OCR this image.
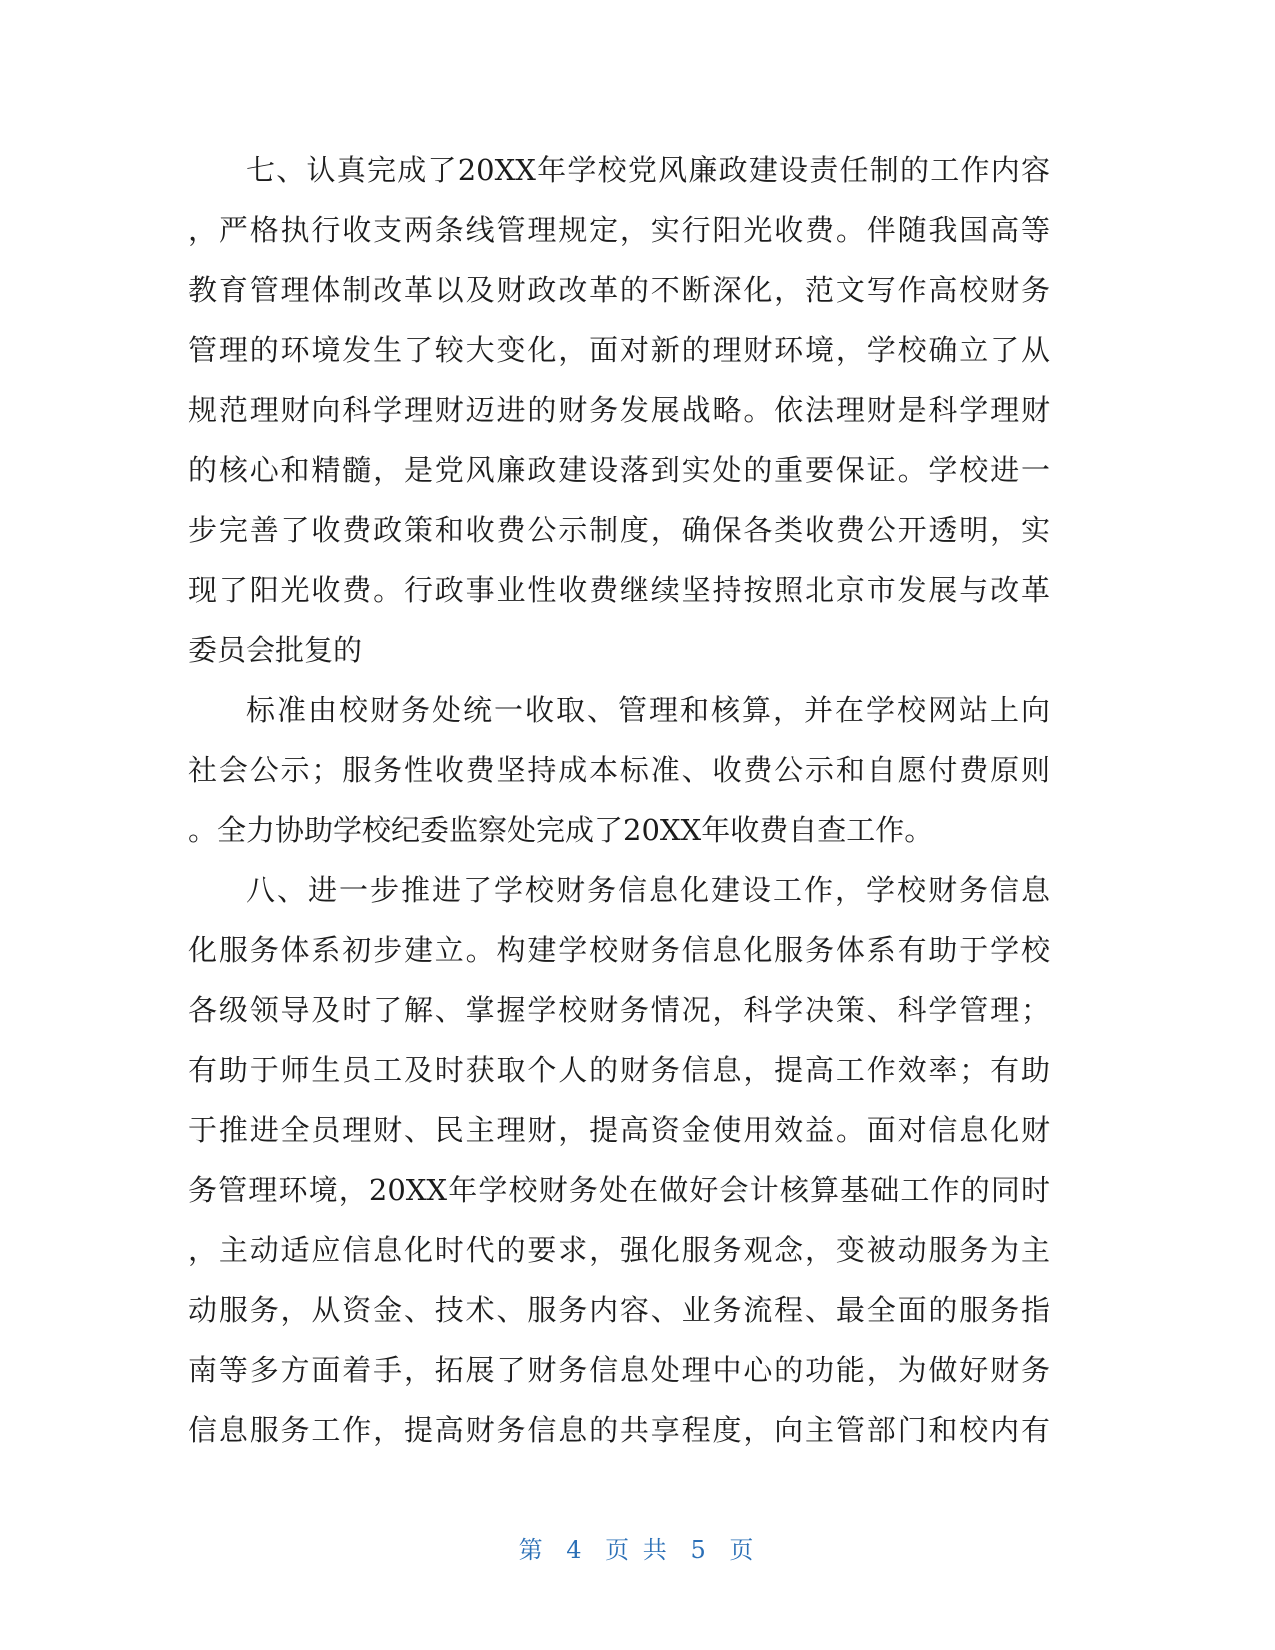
七、认真完成了20XX年学校党风廉政建设责任制的工作内容
，严格执行收支两条线管理规定，实行阳光收费。伴随我国高等
教育管理体制改革以及财政改革的不断深化，范文写作高校财务
管理的环境发生了较大变化，面对新的理财环境，学校确立了从
规范理财向科学理财迈进的财务发展战略。依法理财是科学理财
的核心和精髓，是党风廉政建设落到实处的重要保证。学校进一
步完善了收费政策和收费公示制度，确保各类收费公开透明，实
现了阳光收费。行政事业性收费继续坚持按照北京市发展与改革
委员会批复的
标准由校财务处统一收取、管理和核算，并在学校网站上向
社会公示；服务性收费坚持成本标准、收费公示和自愿付费原则
。全力协助学校纪委监察处完成了20XX年收费自查工作。
八、进一步推进了学校财务信息化建设工作，学校财务信息
化服务体系初步建立。构建学校财务信息化服务体系有助于学校
各级领导及时了解、掌握学校财务情况，科学决策、科学管理；
有助于师生员工及时获取个人的财务信息，提高工作效率；有助
于推进全员理财、民主理财，提高资金使用效益。面对信息化财
务管理环境，20XX年学校财务处在做好会计核算基础工作的同时
，主动适应信息化时代的要求，强化服务观念，变被动服务为主
动服务，从资金、技术、服务内容、业务流程、最全面的服务指
南等多方面着手，拓展了财务信息处理中心的功能，为做好财务
信息服务工作，提高财务信息的共享程度，向主管部门和校内有
第 4 页 共 5 页
